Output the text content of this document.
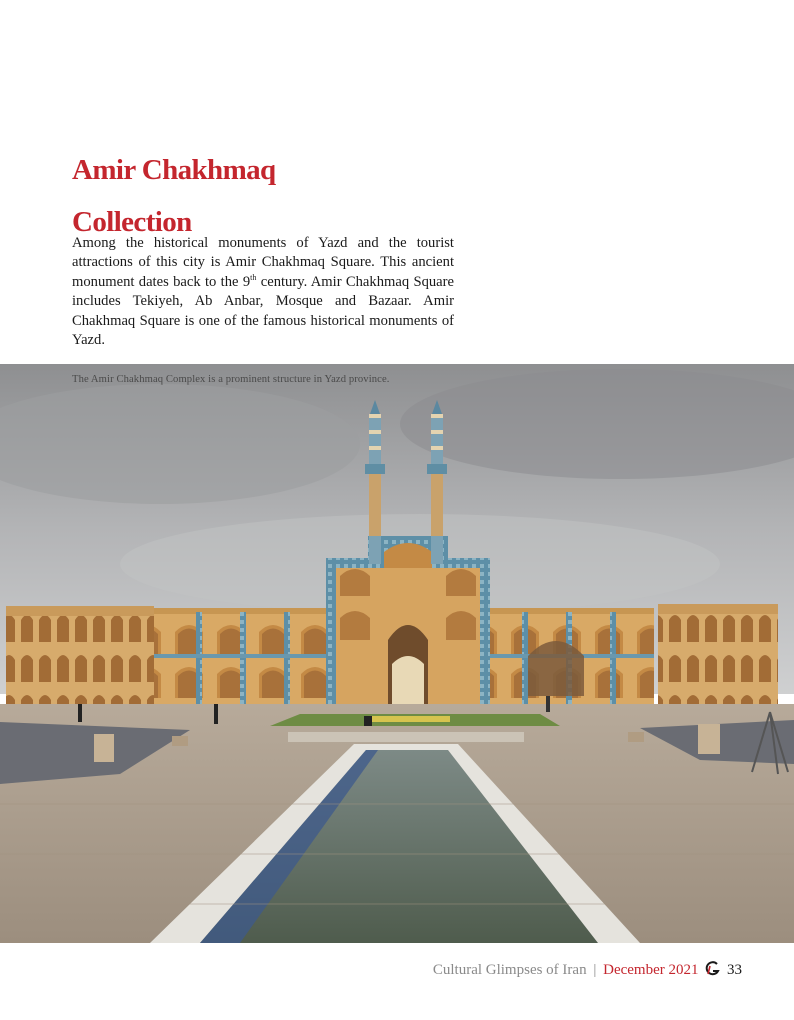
Amir Chakhmaq
Collection

Among the historical monuments of Yazd and the tourist attractions of this city is Amir Chakhmaq Square. This ancient monument dates back to the 9th century. Amir Chakhmaq Square includes Tekiyeh, Ab Anbar, Mosque and Bazaar. Amir Chakhmaq Square is one of the famous historical monuments of Yazd.

The Amir Chakhmaq Complex is a prominent structure in Yazd province.

Cultural Glimpses of Iran | December 2021 33
